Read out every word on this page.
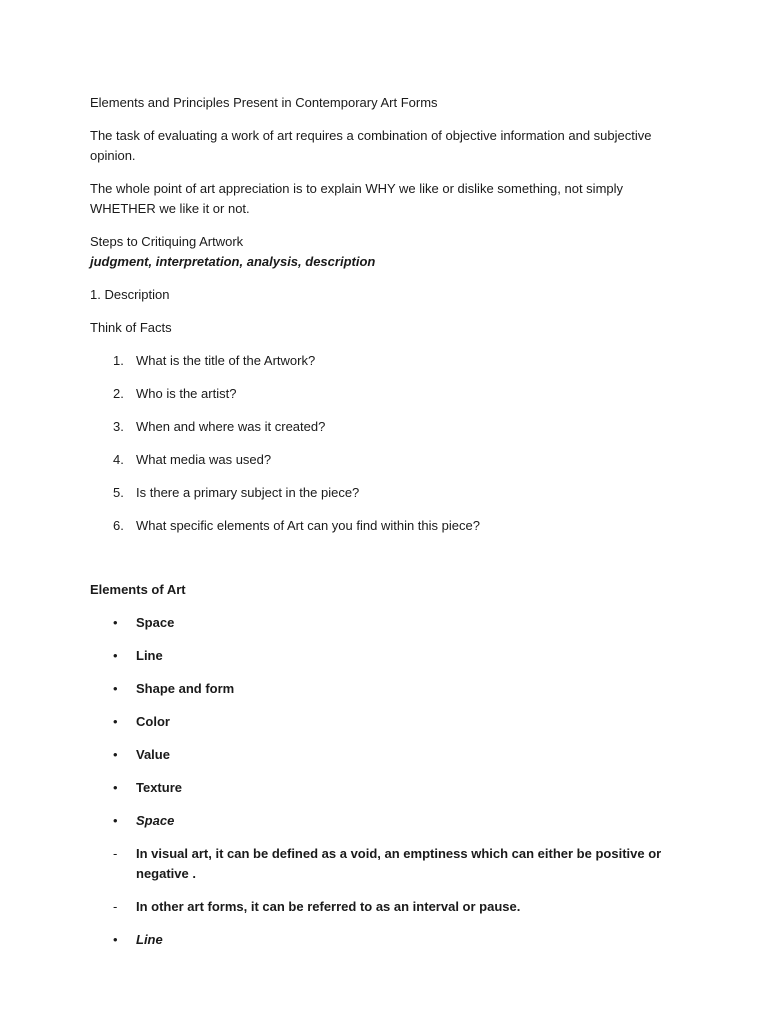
Elements and Principles Present in Contemporary Art Forms

The task of evaluating a work of art requires a combination of objective information and subjective opinion.

The whole point of art appreciation is to explain WHY we like or dislike something, not simply WHETHER we like it or not.

Steps to Critiquing Artwork

judgment, interpretation, analysis, description

1. Description

Think of Facts

1. What is the title of the Artwork?
2. Who is the artist?
3. When and where was it created?
4. What media was used?
5. Is there a primary subject in the piece?
6. What specific elements of Art can you find within this piece?

Elements of Art

• Space
• Line
• Shape and form
• Color
• Value
• Texture
• Space
- In visual art, it can be defined as a void, an emptiness which can either be positive or negative .
- In other art forms, it can be referred to as an interval or pause.
• Line
